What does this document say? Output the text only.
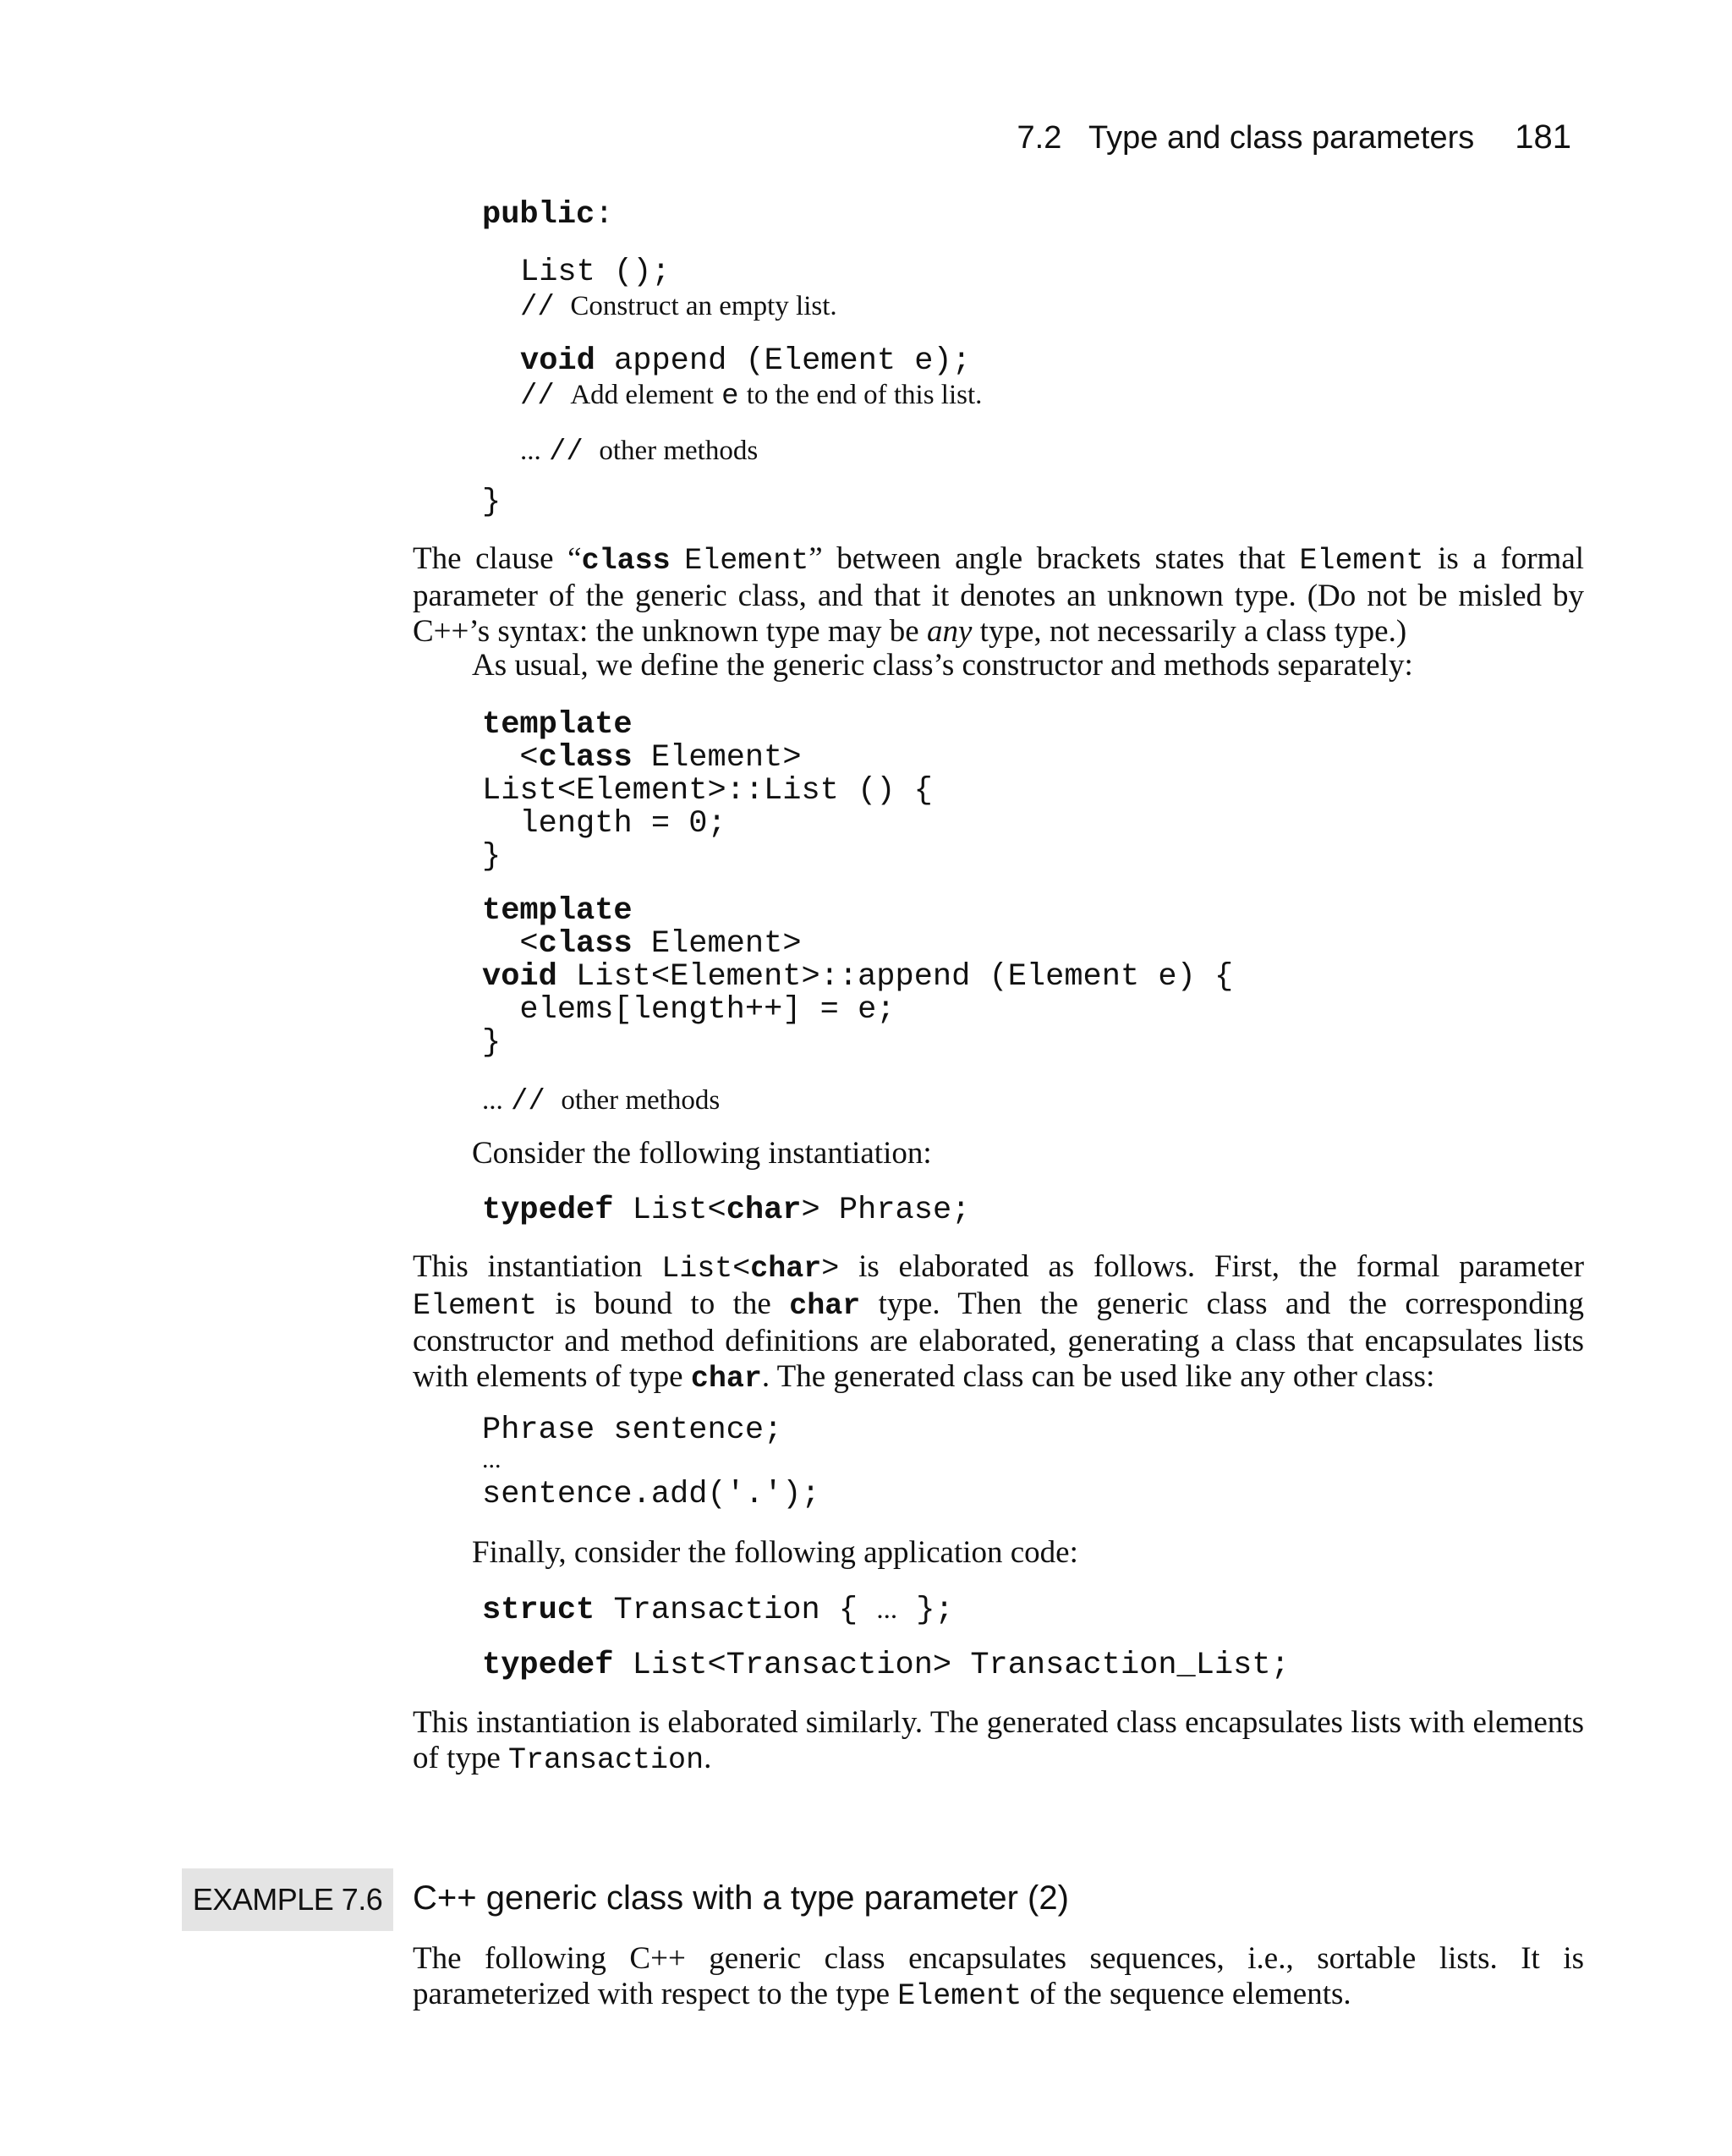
7.2 Type and class parameters 181
public:
List ();
// Construct an empty list.
void append (Element e);
// Add element e to the end of this list.
... // other methods
}
The clause “class Element” between angle brackets states that Element is a formal parameter of the generic class, and that it denotes an unknown type. (Do not be misled by C++’s syntax: the unknown type may be any type, not necessarily a class type.)
As usual, we define the generic class’s constructor and methods separately:
template
<class Element>
List<Element>::List () {
length = 0;
}
template
<class Element>
void List<Element>::append (Element e) {
elems[length++] = e;
}
... // other methods
Consider the following instantiation:
typedef List<char> Phrase;
This instantiation List<char> is elaborated as follows. First, the formal parameter Element is bound to the char type. Then the generic class and the corresponding constructor and method definitions are elaborated, generating a class that encapsulates lists with elements of type char. The generated class can be used like any other class:
Phrase sentence;
...
sentence.add('.');
Finally, consider the following application code:
struct Transaction { ... };
typedef List<Transaction> Transaction_List;
This instantiation is elaborated similarly. The generated class encapsulates lists with elements of type Transaction.
EXAMPLE 7.6 C++ generic class with a type parameter (2)
The following C++ generic class encapsulates sequences, i.e., sortable lists. It is parameterized with respect to the type Element of the sequence elements.
